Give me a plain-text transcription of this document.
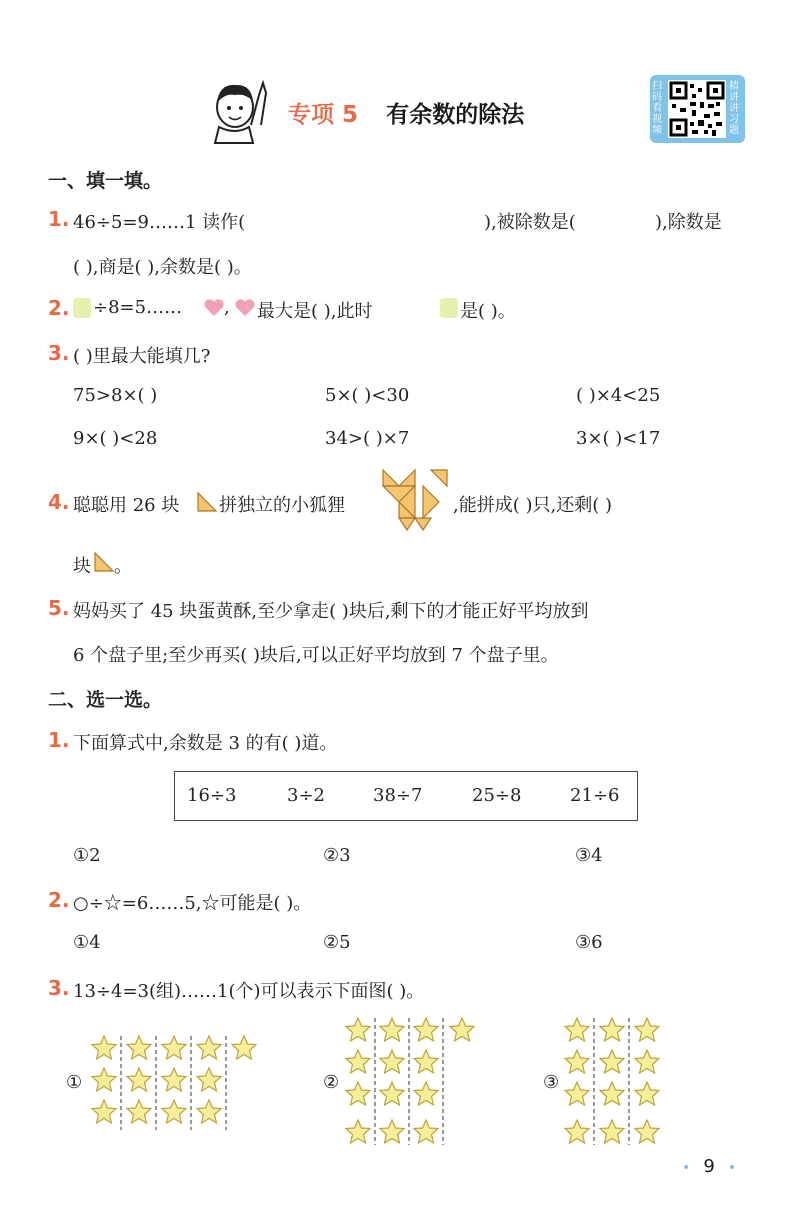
专项 5 有余数的除法
扫码看视频
精讲讲习题
一、填一填。
1. 46÷5=9……1 读作(	),被除数是(	),除数是
( ),商是( ),余数是( )。
2. ÷8=5…… , 最大是( ),此时	是( )。
3. ( )里最大能填几?
75>8×( )	5×( )<30	( )×4<25
9×( )<28	34>( )×7	3×( )<17
4. 聪聪用 26 块 拼独立的小狐狸	,能拼成( )只,还剩( )
块 。
5. 妈妈买了 45 块蛋黄酥,至少拿走( )块后,剩下的才能正好平均放到
6 个盘子里;至少再买( )块后,可以正好平均放到 7 个盘子里。
二、选一选。
1. 下面算式中,余数是 3 的有( )道。
16÷3	3÷2	38÷7	25÷8	21÷6
①2	②3	③4
2. ○÷☆=6……5,☆可能是( )。
①4	②5	③6
3. 13÷4=3(组)……1(个)可以表示下面图( )。
①	②	③
• 9 •
